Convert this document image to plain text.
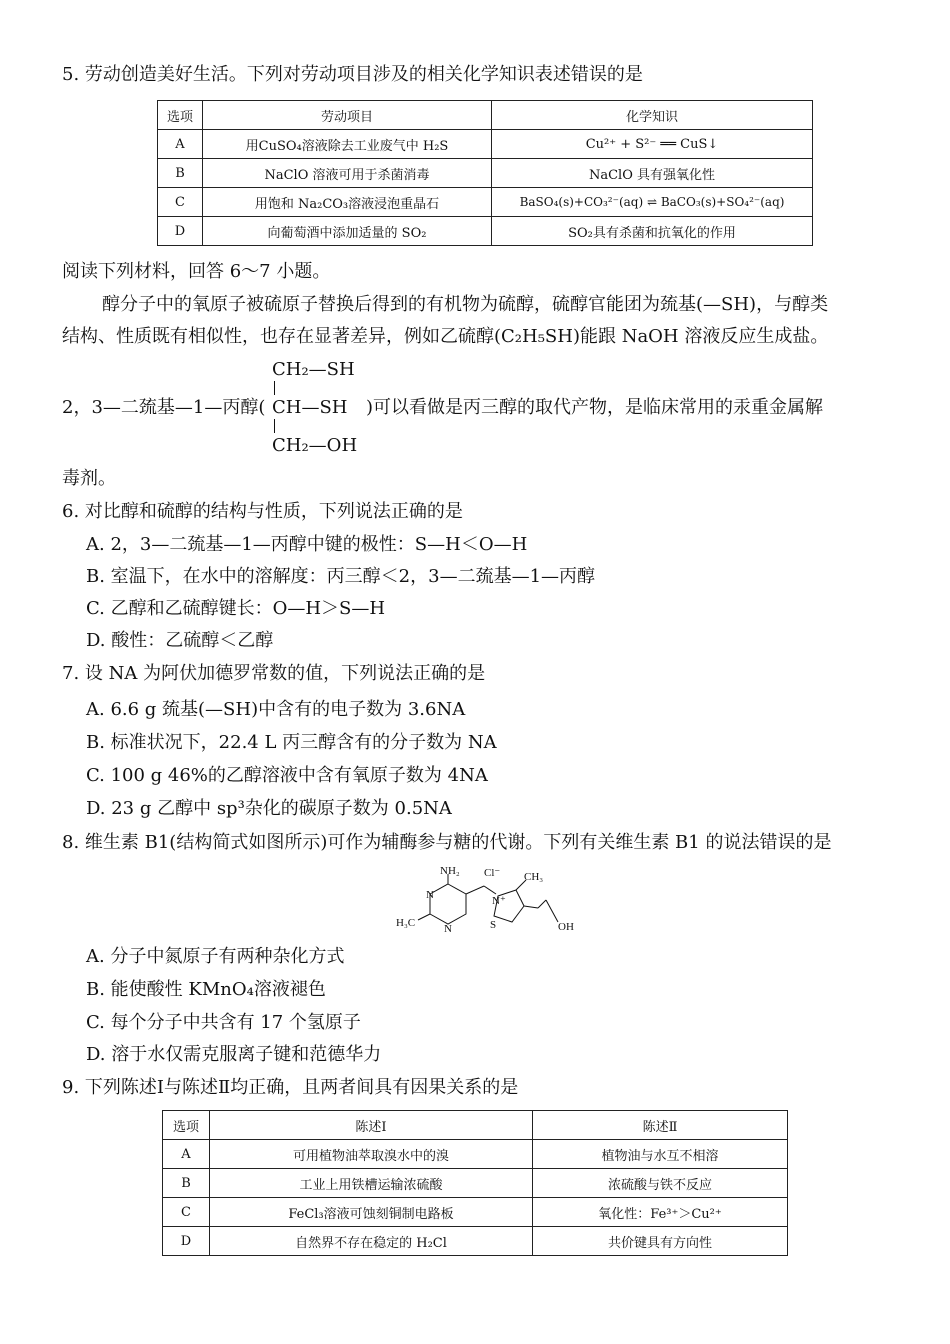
5. 劳动创造美好生活。下列对劳动项目涉及的相关化学知识表述错误的是
选项	劳动项目	化学知识
A	用CuSO₄溶液除去工业废气中 H₂S	Cu²⁺ + S²⁻ ══ CuS↓
B	NaClO 溶液可用于杀菌消毒	NaClO 具有强氧化性
C	用饱和 Na₂CO₃溶液浸泡重晶石	BaSO₄(s)+CO₃²⁻(aq) ⇌ BaCO₃(s)+SO₄²⁻(aq)
D	向葡萄酒中添加适量的 SO₂	SO₂具有杀菌和抗氧化的作用
阅读下列材料，回答 6～7 小题。
醇分子中的氧原子被硫原子替换后得到的有机物为硫醇，硫醇官能团为巯基(—SH)，与醇类
结构、性质既有相似性，也存在显著差异，例如乙硫醇(C₂H₅SH)能跟 NaOH 溶液反应生成盐。
2，3—二巯基—1—丙醇(
CH₂—SH
CH—SH
CH₂—OH
)可以看做是丙三醇的取代产物，是临床常用的汞重金属解
毒剂。
6. 对比醇和硫醇的结构与性质，下列说法正确的是
A. 2，3—二巯基—1—丙醇中键的极性：S—H＜O—H
B. 室温下，在水中的溶解度：丙三醇＜2，3—二巯基—1—丙醇
C. 乙醇和乙硫醇键长：O—H＞S—H
D. 酸性：乙硫醇＜乙醇
7. 设 NA 为阿伏加德罗常数的值，下列说法正确的是
A. 6.6 g 巯基(—SH)中含有的电子数为 3.6NA
B. 标准状况下，22.4 L 丙三醇含有的分子数为 NA
C. 100 g 46%的乙醇溶液中含有氧原子数为 4NA
D. 23 g 乙醇中 sp³杂化的碳原子数为 0.5NA
8. 维生素 B1(结构简式如图所示)可作为辅酶参与糖的代谢。下列有关维生素 B1 的说法错误的是
NH₂ Cl⁻ CH₃
H₃C
N
N
N⁺
S	OH
A. 分子中氮原子有两种杂化方式
B. 能使酸性 KMnO₄溶液褪色
C. 每个分子中共含有 17 个氢原子
D. 溶于水仅需克服离子键和范德华力
9. 下列陈述Ⅰ与陈述Ⅱ均正确，且两者间具有因果关系的是
选项	陈述Ⅰ	陈述Ⅱ
A	可用植物油萃取溴水中的溴	植物油与水互不相溶
B	工业上用铁槽运输浓硫酸	浓硫酸与铁不反应
C	FeCl₃溶液可蚀刻铜制电路板	氧化性：Fe³⁺＞Cu²⁺
D	自然界不存在稳定的 H₂Cl	共价键具有方向性
